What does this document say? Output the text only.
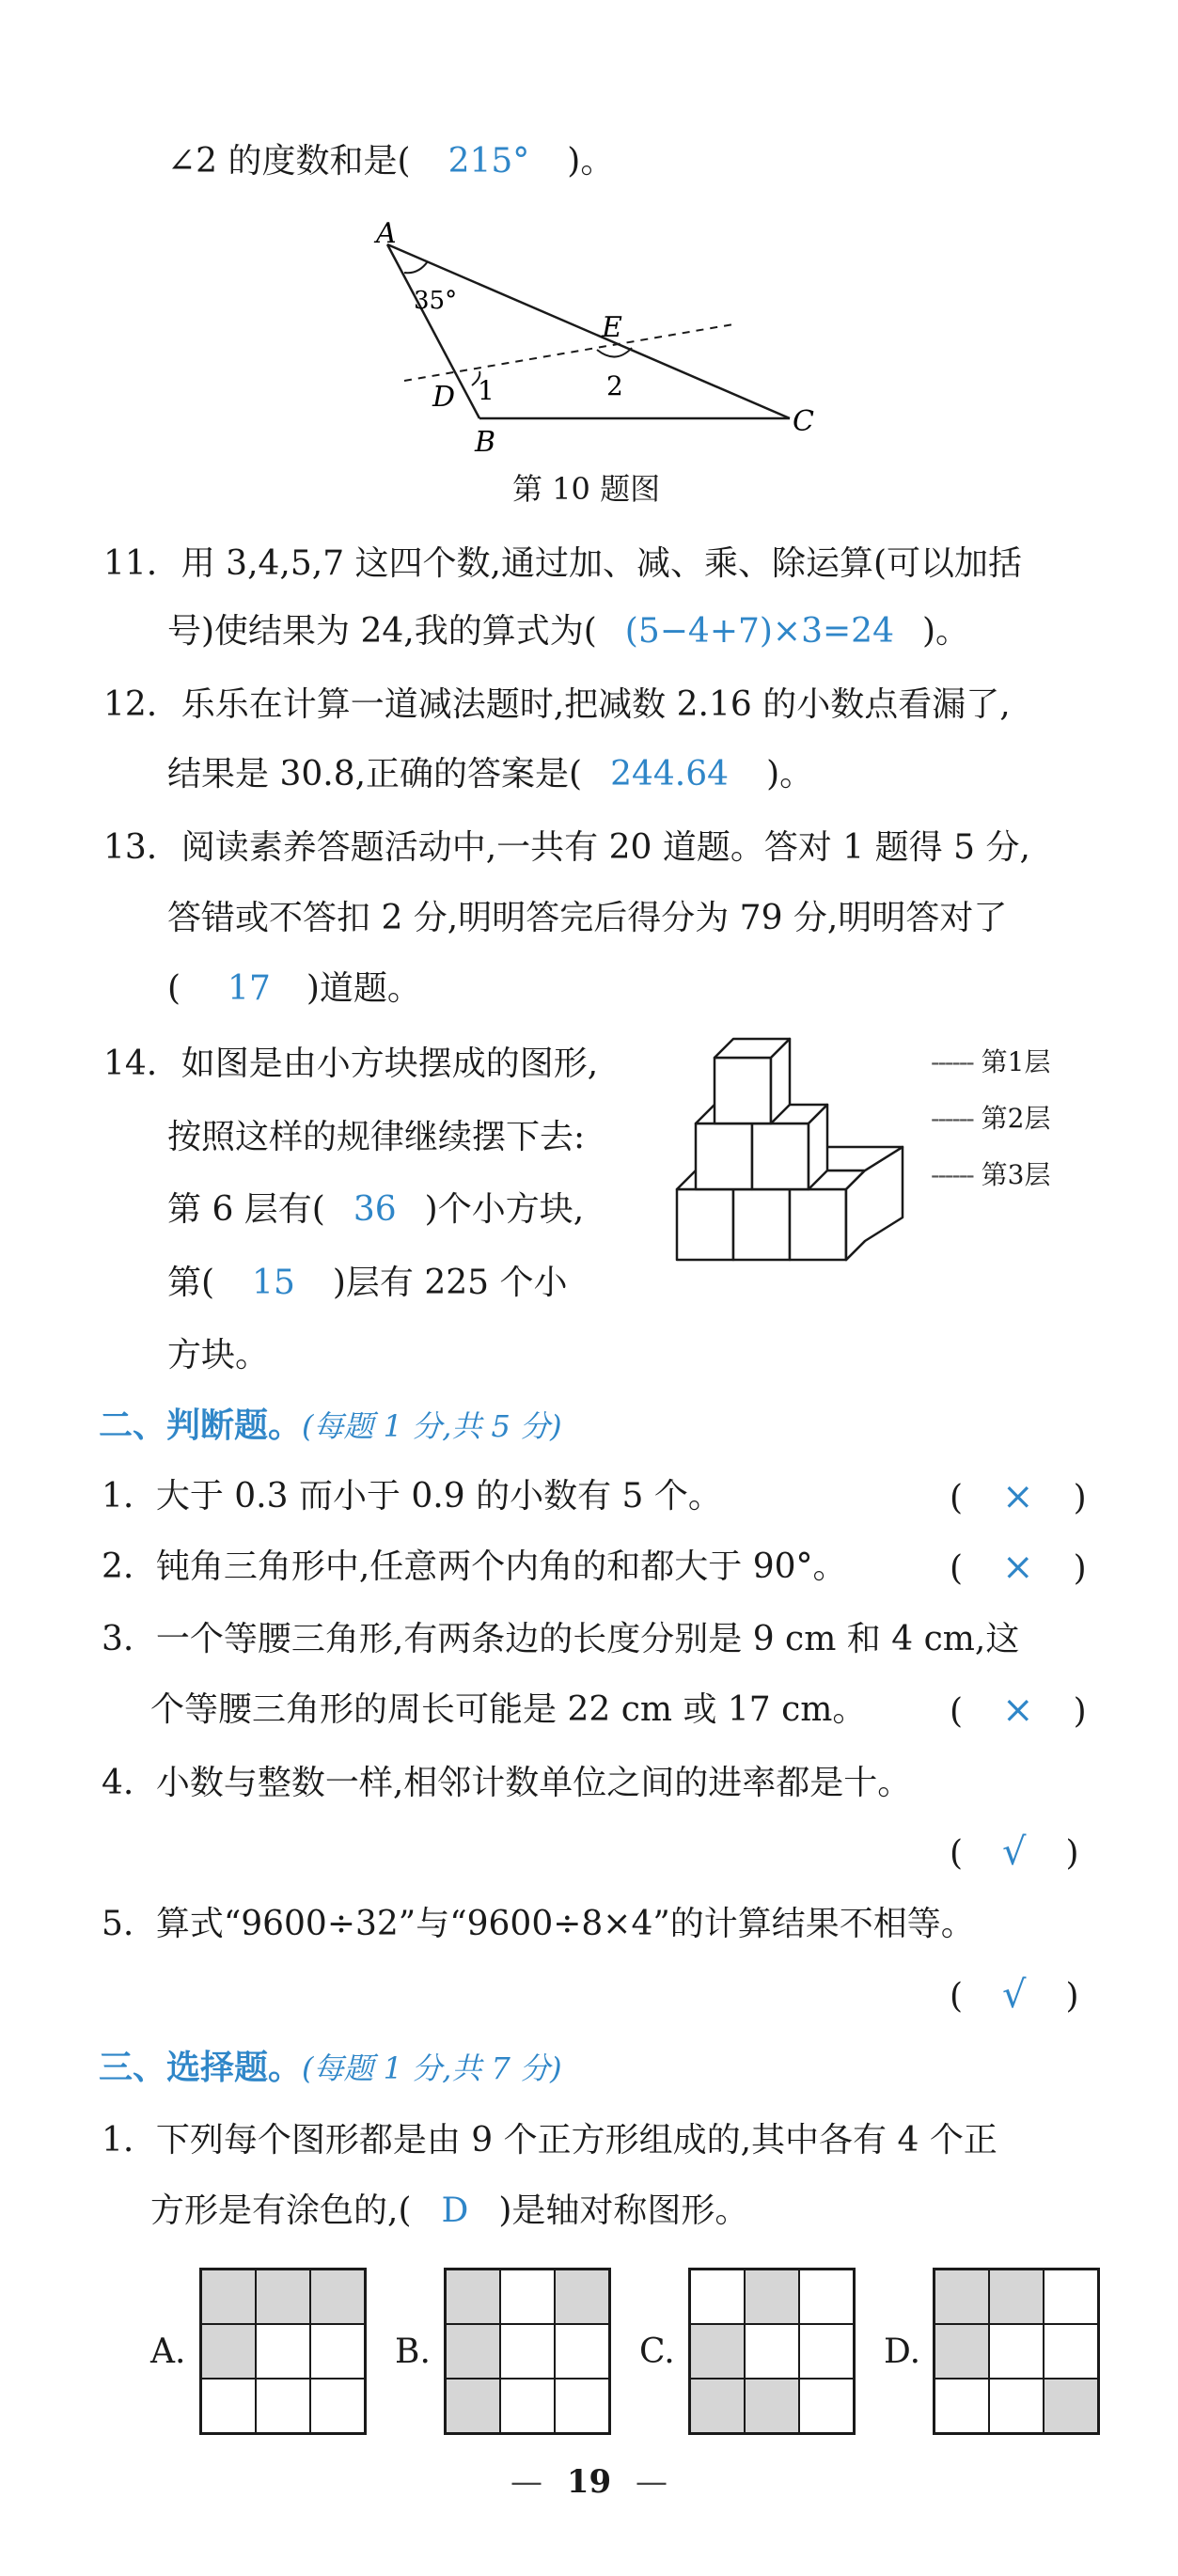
∠2 的度数和是( 215° )。
A
B
C
D
E
1	2
35°
第 10 题图
11. 用 3,4,5,7 这四个数,通过加、减、乘、除运算(可以加括
号)使结果为 24,我的算式为( (5−4+7)×3=24 )。
12. 乐乐在计算一道减法题时,把减数 2.16 的小数点看漏了,
结果是 30.8,正确的答案是( 244.64 )。
13. 阅读素养答题活动中,一共有 20 道题。答对 1 题得 5 分,
答错或不答扣 2 分,明明答完后得分为 79 分,明明答对了
( 17 )道题。
14. 如图是由小方块摆成的图形,
按照这样的规律继续摆下去:
第 6 层有( 36 )个小方块,
第( 15 )层有 225 个小
方块。
------ 第1层
------ 第2层
------ 第3层
二、判断题。(每题 1 分,共 5 分)
1. 大于 0.3 而小于 0.9 的小数有 5 个。	( × )
2. 钝角三角形中,任意两个内角的和都大于 90°。	( × )
3. 一个等腰三角形,有两条边的长度分别是 9 cm 和 4 cm,这
个等腰三角形的周长可能是 22 cm 或 17 cm。 ( × )
4. 小数与整数一样,相邻计数单位之间的进率都是十。
( √ )
5. 算式“9600÷32”与“9600÷8×4”的计算结果不相等。
( √ )
三、选择题。(每题 1 分,共 7 分)
1. 下列每个图形都是由 9 个正方形组成的,其中各有 4 个正
方形是有涂色的,( D )是轴对称图形。
A.	B.	C.	D.
— 19 —
